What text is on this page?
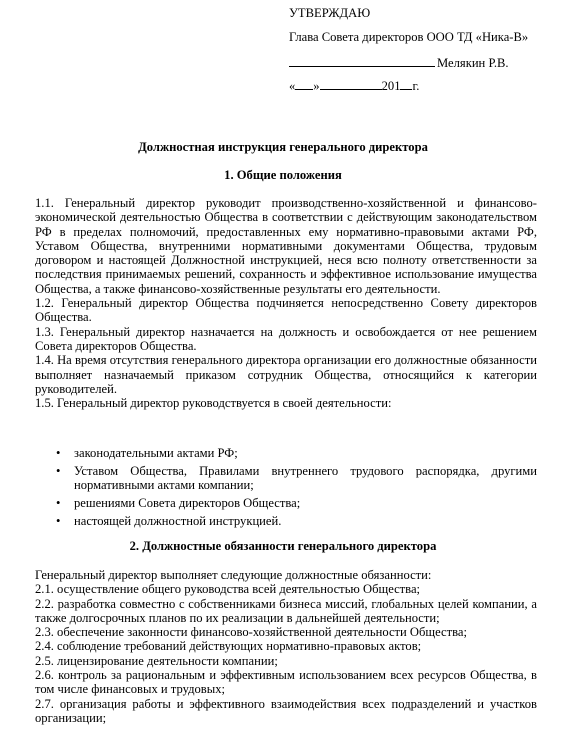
УТВЕРЖДАЮ
Глава Совета директоров ООО ТД «Ника-В»
Мелякин Р.В.
« »	201 г.
Должностная инструкция генерального директора
1. Общие положения

1.1. Генеральный директор руководит производственно-хозяйственной и финансово-экономической деятельностью Общества в соответствии с действующим законодательством РФ в пределах полномочий, предоставленных ему нормативно-правовыми актами РФ, Уставом Общества, внутренними нормативными документами Общества, трудовым договором и настоящей Должностной инструкцией, неся всю полноту ответственности за последствия принимаемых решений, сохранность и эффективное использование имущества Общества, а также финансово-хозяйственные результаты его деятельности.

1.2. Генеральный директор Общества подчиняется непосредственно Совету директоров Общества.

1.3. Генеральный директор назначается на должность и освобождается от нее решением Совета директоров Общества.

1.4. На время отсутствия генерального директора организации его должностные обязанности выполняет назначаемый приказом сотрудник Общества, относящийся к категории руководителей.

1.5. Генеральный директор руководствуется в своей деятельности:

• законодательными актами РФ;
• Уставом Общества, Правилами внутреннего трудового распорядка, другими нормативными актами компании;
• решениями Совета директоров Общества;
• настоящей должностной инструкцией.
2. Должностные обязанности генерального директора

Генеральный директор выполняет следующие должностные обязанности:

2.1. осуществление общего руководства всей деятельностью Общества;

2.2. разработка совместно с собственниками бизнеса миссий, глобальных целей компании, а также долгосрочных планов по их реализации в дальнейшей деятельности;

2.3. обеспечение законности финансово-хозяйственной деятельности Общества;

2.4. соблюдение требований действующих нормативно-правовых актов;

2.5. лицензирование деятельности компании;

2.6. контроль за рациональным и эффективным использованием всех ресурсов Общества, в том числе финансовых и трудовых;

2.7. организация работы и эффективного взаимодействия всех подразделений и участков организации;
